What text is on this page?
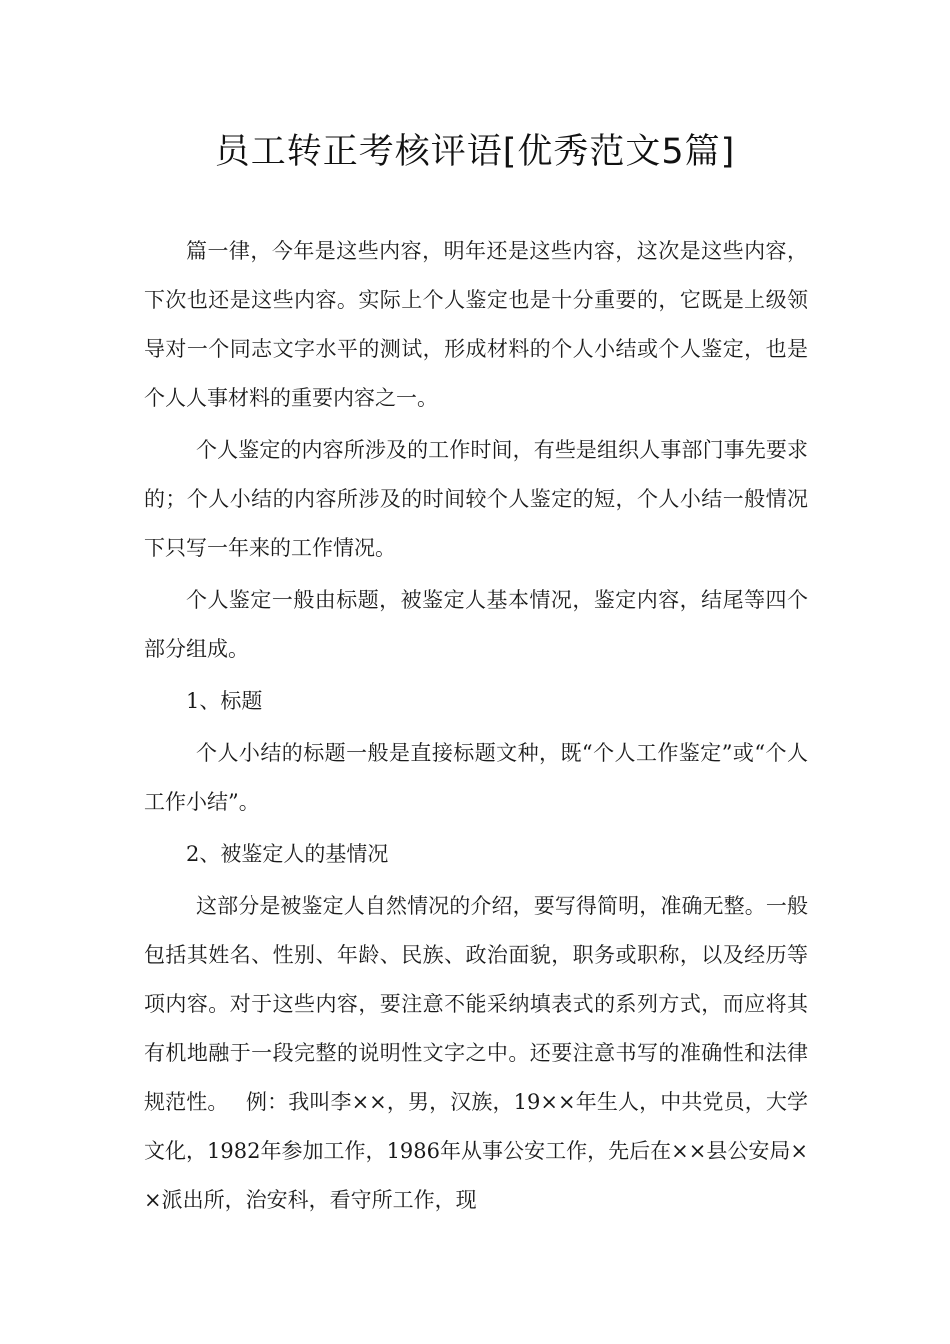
员工转正考核评语[优秀范文5篇]

篇一律，今年是这些内容，明年还是这些内容，这次是这些内容，下次也还是这些内容。实际上个人鉴定也是十分重要的，它既是上级领导对一个同志文字水平的测试，形成材料的个人小结或个人鉴定，也是个人人事材料的重要内容之一。

个人鉴定的内容所涉及的工作时间，有些是组织人事部门事先要求的；个人小结的内容所涉及的时间较个人鉴定的短，个人小结一般情况下只写一年来的工作情况。

个人鉴定一般由标题，被鉴定人基本情况，鉴定内容，结尾等四个部分组成。

1、标题

个人小结的标题一般是直接标题文种，既“个人工作鉴定”或“个人工作小结”。

2、被鉴定人的基情况

这部分是被鉴定人自然情况的介绍，要写得简明，准确无整。一般包括其姓名、性别、年龄、民族、政治面貌，职务或职称，以及经历等项内容。对于这些内容，要注意不能采纳填表式的系列方式，而应将其有机地融于一段完整的说明性文字之中。还要注意书写的准确性和法律规范性。　 例：我叫李××，男，汉族，19××年生人，中共党员，大学文化，1982年参加工作，1986年从事公安工作，先后在××县公安局××派出所，治安科，看守所工作，现
